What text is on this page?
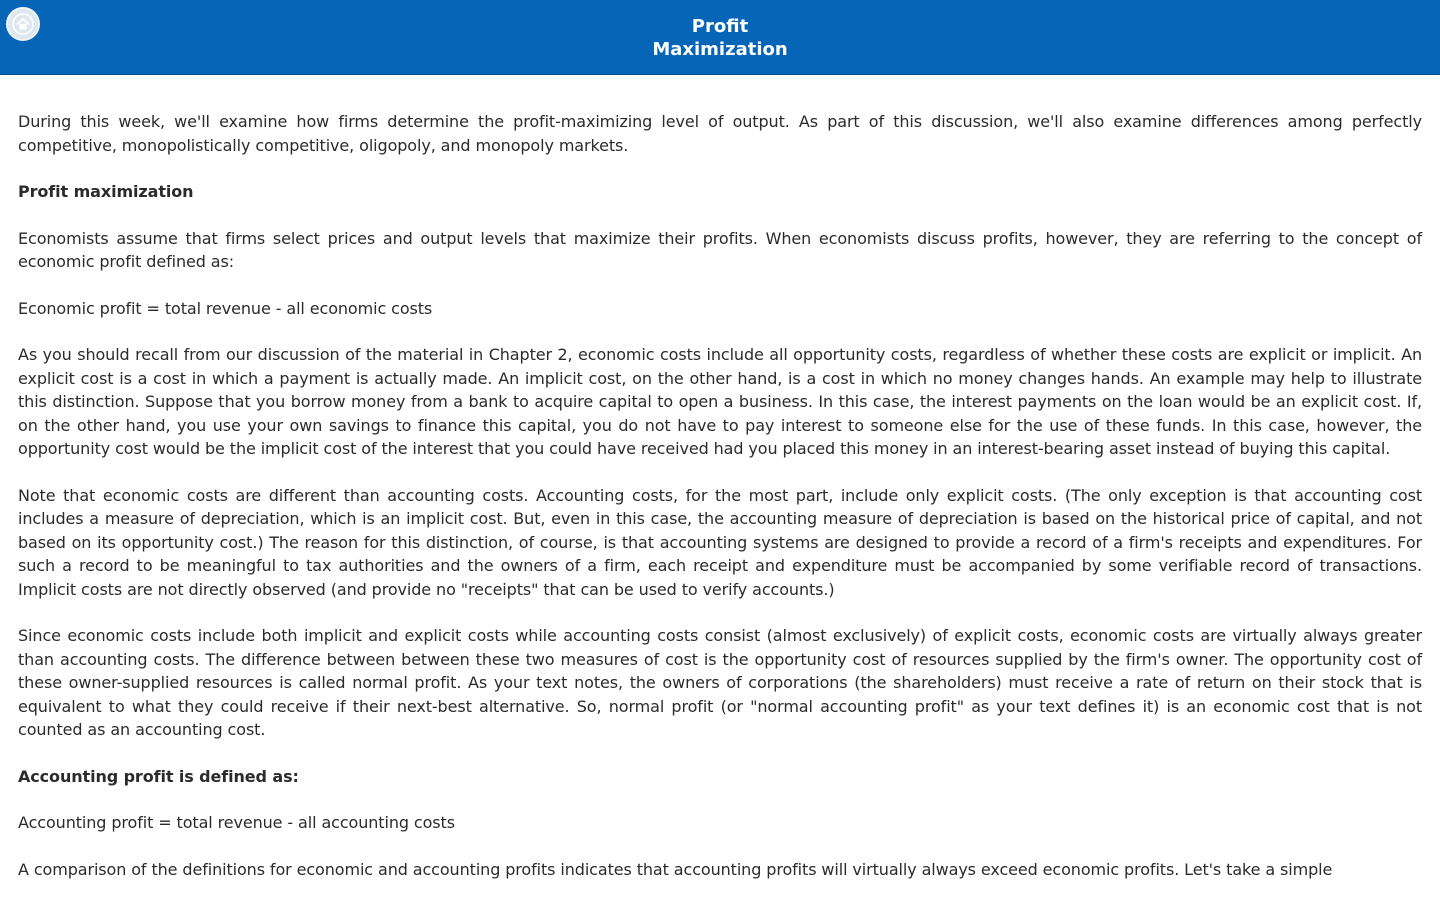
Profit
Maximization

During this week, we'll examine how firms determine the profit-maximizing level of output. As part of this discussion, we'll also examine differences among perfectly competitive, monopolistically competitive, oligopoly, and monopoly markets.

Profit maximization

Economists assume that firms select prices and output levels that maximize their profits. When economists discuss profits, however, they are referring to the concept of economic profit defined as:

Economic profit = total revenue - all economic costs

As you should recall from our discussion of the material in Chapter 2, economic costs include all opportunity costs, regardless of whether these costs are explicit or implicit. An explicit cost is a cost in which a payment is actually made. An implicit cost, on the other hand, is a cost in which no money changes hands. An example may help to illustrate this distinction. Suppose that you borrow money from a bank to acquire capital to open a business. In this case, the interest payments on the loan would be an explicit cost. If, on the other hand, you use your own savings to finance this capital, you do not have to pay interest to someone else for the use of these funds. In this case, however, the opportunity cost would be the implicit cost of the interest that you could have received had you placed this money in an interest-bearing asset instead of buying this capital.

Note that economic costs are different than accounting costs. Accounting costs, for the most part, include only explicit costs. (The only exception is that accounting cost includes a measure of depreciation, which is an implicit cost. But, even in this case, the accounting measure of depreciation is based on the historical price of capital, and not based on its opportunity cost.) The reason for this distinction, of course, is that accounting systems are designed to provide a record of a firm's receipts and expenditures. For such a record to be meaningful to tax authorities and the owners of a firm, each receipt and expenditure must be accompanied by some verifiable record of transactions. Implicit costs are not directly observed (and provide no "receipts" that can be used to verify accounts.)

Since economic costs include both implicit and explicit costs while accounting costs consist (almost exclusively) of explicit costs, economic costs are virtually always greater than accounting costs. The difference between between these two measures of cost is the opportunity cost of resources supplied by the firm's owner. The opportunity cost of these owner-supplied resources is called normal profit. As your text notes, the owners of corporations (the shareholders) must receive a rate of return on their stock that is equivalent to what they could receive if their next-best alternative. So, normal profit (or "normal accounting profit" as your text defines it) is an economic cost that is not counted as an accounting cost.

Accounting profit is defined as:

Accounting profit = total revenue - all accounting costs

A comparison of the definitions for economic and accounting profits indicates that accounting profits will virtually always exceed economic profits. Let's take a simple
